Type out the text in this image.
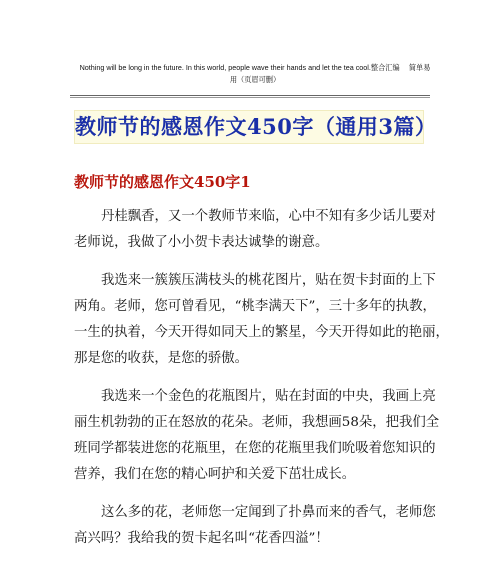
Nothing will be long in the future. In this world, people wave their hands and let the tea cool.整合汇编　 简单易
用（页眉可删）
教师节的感恩作文450字（通用3篇）
教师节的感恩作文450字1

丹桂飘香，又一个教师节来临，心中不知有多少话儿要对
老师说，我做了小小贺卡表达诚挚的谢意。

我选来一簇簇压满枝头的桃花图片，贴在贺卡封面的上下
两角。老师，您可曾看见，“桃李满天下”，三十多年的执教，
一生的执着，今天开得如同天上的繁星，今天开得如此的艳丽，
那是您的收获，是您的骄傲。

我选来一个金色的花瓶图片，贴在封面的中央，我画上亮
丽生机勃勃的正在怒放的花朵。老师，我想画58朵，把我们全
班同学都装进您的花瓶里，在您的花瓶里我们吮吸着您知识的
营养，我们在您的精心呵护和关爱下茁壮成长。

这么多的花，老师您一定闻到了扑鼻而来的香气，老师您
高兴吗？我给我的贺卡起名叫“花香四溢”！
